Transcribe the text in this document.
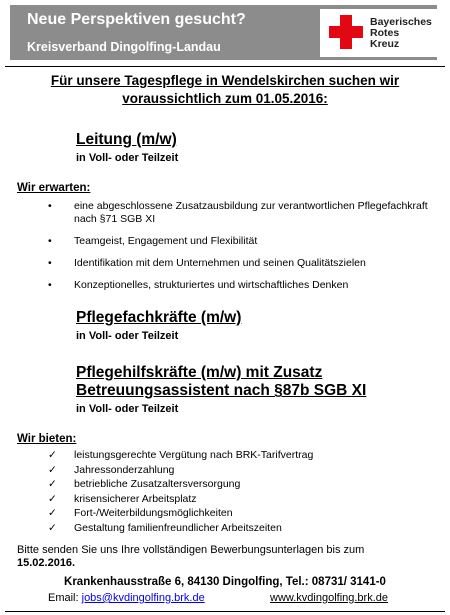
Neue Perspektiven gesucht?
Kreisverband Dingolfing-Landau
Bayerisches
Rotes
Kreuz
Für unsere Tagespflege in Wendelskirchen suchen wir
voraussichtlich zum 01.05.2016:
Leitung (m/w)
in Voll- oder Teilzeit
Wir erwarten:
•	eine abgeschlossene Zusatzausbildung zur verantwortlichen Pflegefachkraft nach §71 SGB XI
•	Teamgeist, Engagement und Flexibilität
•	Identifikation mit dem Unternehmen und seinen Qualitätszielen
•	Konzeptionelles, strukturiertes und wirtschaftliches Denken
Pflegefachkräfte (m/w)
in Voll- oder Teilzeit
Pflegehilfskräfte (m/w) mit Zusatz
Betreuungsassistent nach §87b SGB XI
in Voll- oder Teilzeit
Wir bieten:
✓	leistungsgerechte Vergütung nach BRK-Tarifvertrag
✓	Jahressonderzahlung
✓	betriebliche Zusatzaltersversorgung
✓	krisensicherer Arbeitsplatz
✓	Fort-/Weiterbildungsmöglichkeiten
✓	Gestaltung familienfreundlicher Arbeitszeiten
Bitte senden Sie uns Ihre vollständigen Bewerbungsunterlagen bis zum
15.02.2016.
Krankenhausstraße 6, 84130 Dingolfing, Tel.: 08731/ 3141-0
Email: jobs@kvdingolfing.brk.de	www.kvdingolfing.brk.de
